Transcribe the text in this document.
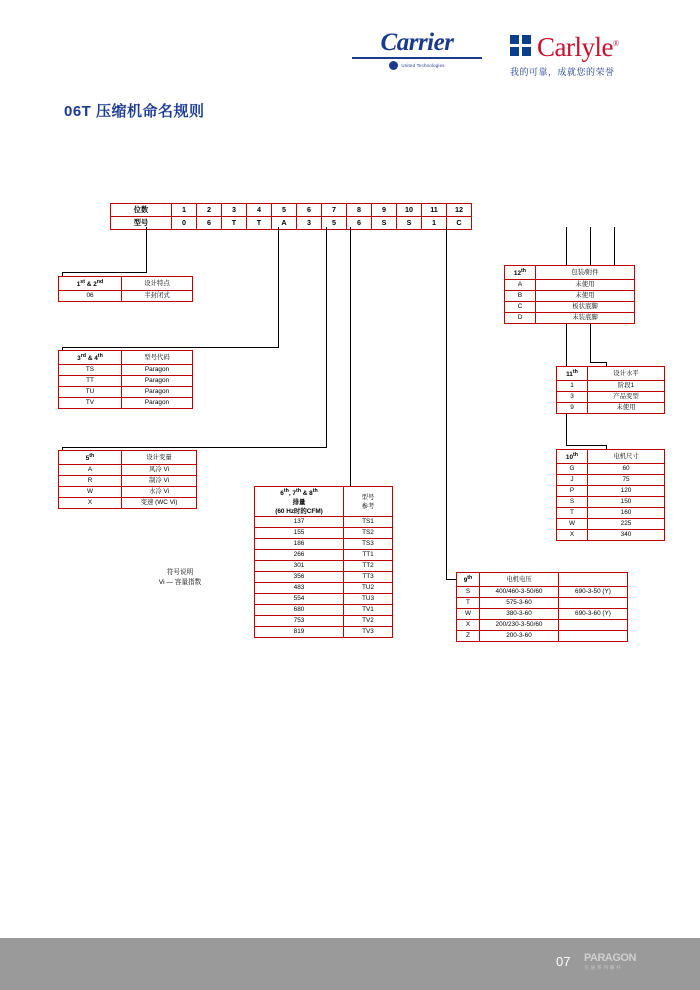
Carrier
United Technologies
Carlyle®
我的可靠，成就您的荣誉
06T 压缩机命名规则
位数	1	2	3	4	5	6	7	8	9	10	11	12
型号	0	6	T	T	A	3	5	6	S	S	1	C
1st & 2nd	设计特点
06	半封闭式
3rd & 4th	型号代码
TS	Paragon
TT	Paragon
TU	Paragon
TV	Paragon
5th	设计变量
A	风冷 Vi
R	制冷 Vi
W	水冷 Vi
X	变速 (WC Vi)
符号说明
Vi — 容量指数
6th, 7th & 8th
排量
(60 Hz时的CFM)	型号
参考
137	TS1
155	TS2
186	TS3
266	TT1
301	TT2
356	TT3
483	TU2
554	TU3
680	TV1
753	TV2
819	TV3
9th	电机电压	
S	400/460-3-50/60	690-3-50 (Y)
T	575-3-60	
W	380-3-60	690-3-60 (Y)
X	200/230-3-50/60	
Z	200-3-60	
10th	电机尺寸
G	60
J	75
P	120
S	150
T	160
W	225
X	340
11th	设计水平
1	阶段1
3	产品变型
9	未使用
12th	包装/附件
A	未使用
B	未使用
C	板状底脚
D	未装底脚
07 PARAGON
百 通 系 列 螺 杆
